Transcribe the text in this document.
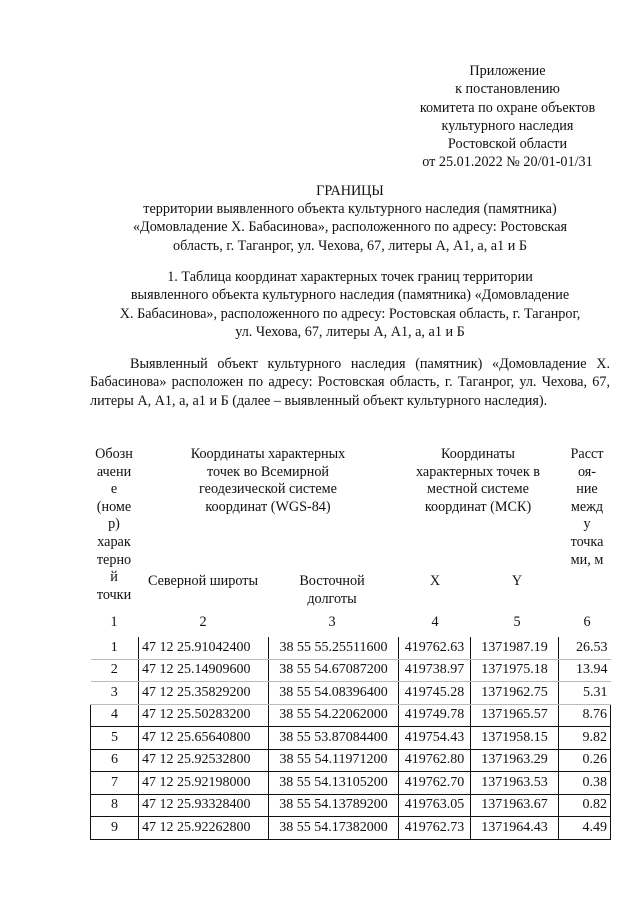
Приложение
к постановлению
комитета по охране объектов
культурного наследия
Ростовской области
от 25.01.2022 № 20/01-01/31
ГРАНИЦЫ
территории выявленного объекта культурного наследия (памятника)
«Домовладение Х. Бабасинова», расположенного по адресу: Ростовская
область, г. Таганрог, ул. Чехова, 67, литеры А, А1, а, а1 и Б
1. Таблица координат характерных точек границ территории
выявленного объекта культурного наследия (памятника) «Домовладение
Х. Бабасинова», расположенного по адресу: Ростовская область, г. Таганрог,
ул. Чехова, 67, литеры А, А1, а, а1 и Б
Выявленный объект культурного наследия (памятник) «Домовладение Х. Бабасинова» расположен по адресу: Ростовская область, г. Таганрог, ул. Чехова, 67, литеры А, А1, а, а1 и Б (далее – выявленный объект культурного наследия).
Обозн
ачени
е
(номе
р)
харак
терно
й
точки
Координаты характерных
точек во Всемирной
геодезической системе
координат (WGS-84)
Координаты
характерных точек в
местной системе
координат (МСК)
Расст
оя-
ние
межд
у
точка
ми, м
Северной широты	Восточной
долготы
X	Y
1	2	3	4	5	6
1	47 12 25.91042400	38 55 55.25511600	419762.63	1371987.19	26.53
2	47 12 25.14909600	38 55 54.67087200	419738.97	1371975.18	13.94
3	47 12 25.35829200	38 55 54.08396400	419745.28	1371962.75	5.31
4	47 12 25.50283200	38 55 54.22062000	419749.78	1371965.57	8.76
5	47 12 25.65640800	38 55 53.87084400	419754.43	1371958.15	9.82
6	47 12 25.92532800	38 55 54.11971200	419762.80	1371963.29	0.26
7	47 12 25.92198000	38 55 54.13105200	419762.70	1371963.53	0.38
8	47 12 25.93328400	38 55 54.13789200	419763.05	1371963.67	0.82
9	47 12 25.92262800	38 55 54.17382000	419762.73	1371964.43	4.49
